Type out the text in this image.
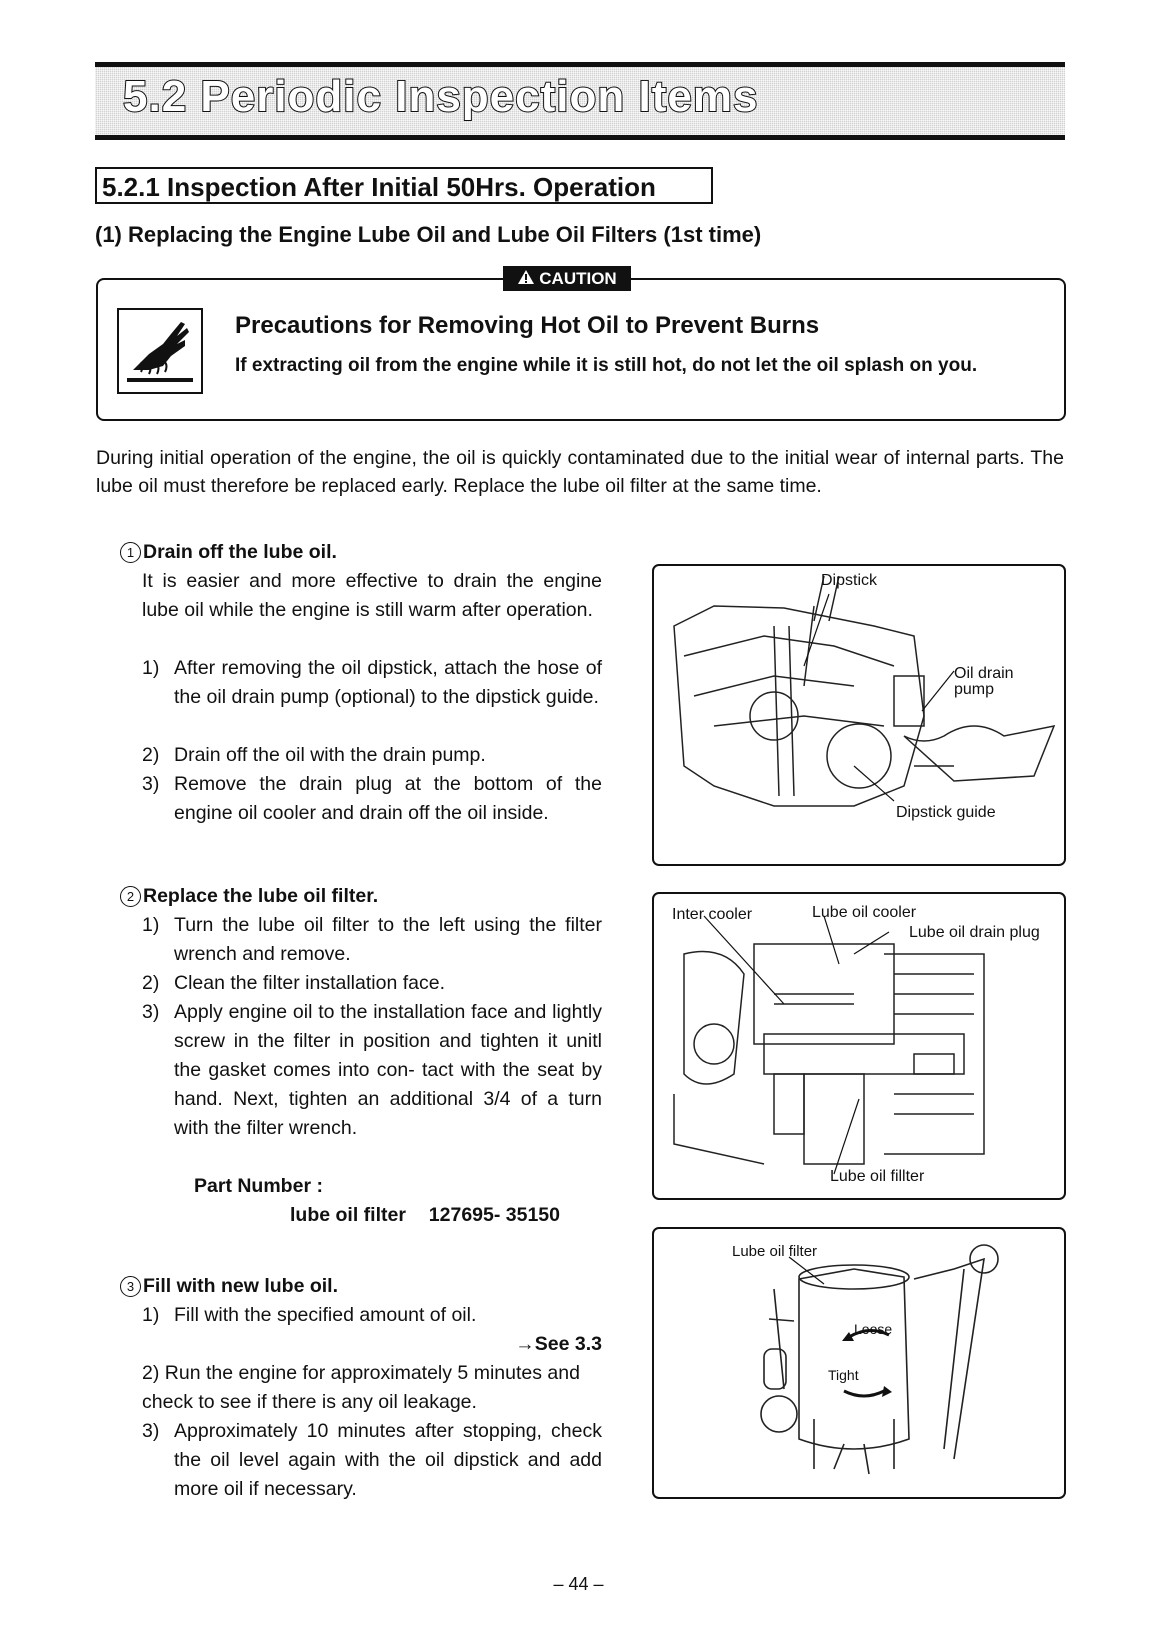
5.2 Periodic Inspection Items
5.2.1 Inspection After Initial 50Hrs. Operation
(1) Replacing the Engine Lube Oil and Lube Oil Filters (1st time)
CAUTION
Precautions for Removing Hot Oil to Prevent Burns
If extracting oil from the engine while it is still hot, do not let the oil splash on you.
During initial operation of the engine, the oil is quickly contaminated due to the initial wear of internal parts. The lube oil must therefore be replaced early. Replace the lube oil filter at the same time.
1 Drain off the lube oil.
It is easier and more effective to drain the engine lube oil while the engine is still warm after operation.
1) After removing the oil dipstick, attach the hose of the oil drain pump (optional) to the dipstick guide.
2) Drain off the oil with the drain pump.
3) Remove the drain plug at the bottom of the engine oil cooler and drain off the oil inside.
2 Replace the lube oil filter.
1) Turn the lube oil filter to the left using the filter wrench and remove.
2) Clean the filter installation face.
3) Apply engine oil to the installation face and lightly screw in the filter in position and tighten it unitl the gasket comes into con- tact with the seat by hand. Next, tighten an additional 3/4 of a turn with the filter wrench.
Part Number :
lube oil filter 127695- 35150
3 Fill with new lube oil.
1) Fill with the specified amount of oil.
→See 3.3
2) Run the engine for approximately 5 minutes and check to see if there is any oil leakage.
3) Approximately 10 minutes after stopping, check the oil level again with the oil dipstick and add more oil if necessary.
Dipstick
Oil drain
pump
Dipstick guide
Inter cooler	Lube oil cooler
Lube oil drain plug
Lube oil fillter
Lube oil filter
Loose
Tight
– 44 –
